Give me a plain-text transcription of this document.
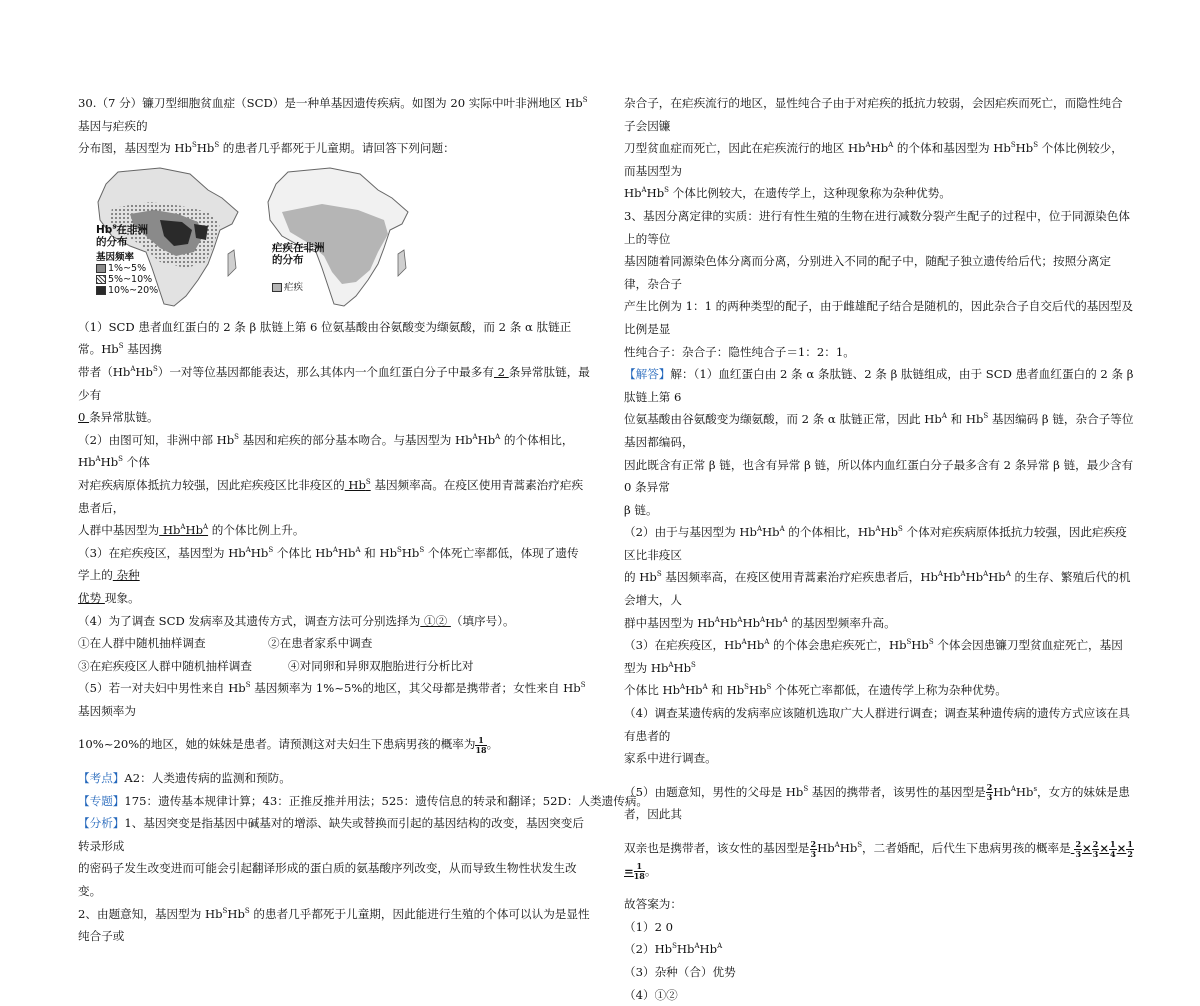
30.（7 分）镰刀型细胞贫血症（SCD）是一种单基因遗传疾病。如图为 20 实际中叶非洲地区 $Hb^S$ 基因与疟疾的

分布图，基因型为 $Hb^SHb^S$ 的患者几乎都死于儿童期。请回答下列问题：

Hb$^s$在非洲
的分布
基因频率
1%~5%
5%~10%
10%~20%
疟疾在非洲
的分布
疟疾

（1）SCD 患者血红蛋白的 2 条 β 肽链上第 6 位氨基酸由谷氨酸变为缬氨酸，而 2 条 α 肽链正常。$Hb^S$ 基因携

带者$(Hb^AHb^S)$一对等位基因都能表达，那么其体内一个血红蛋白分子中最多有 2 条异常肽链，最少有

0 条异常肽链。

（2）由图可知，非洲中部 $Hb^S$ 基因和疟疾的部分基本吻合。与基因型为 $Hb^AHb^A$ 的个体相比，$Hb^AHb^S$ 个体

对疟疾病原体抵抗力较强，因此疟疾疫区比非疫区的 $Hb^S$ 基因频率高。在疫区使用青蒿素治疗疟疾患者后，

人群中基因型为 $Hb^AHb^A$ 的个体比例上升。

（3）在疟疾疫区，基因型为 $Hb^AHb^S$ 个体比 $Hb^AHb^A$ 和 $Hb^SHb^S$ 个体死亡率都低，体现了遗传学上的 杂种

优势 现象。

（4）为了调查 SCD 发病率及其遗传方式，调查方法可分别选择为 ①② （填序号）。

①在人群中随机抽样调查	②在患者家系中调查

③在疟疾疫区人群中随机抽样调查	④对同卵和异卵双胞胎进行分析比对

（5）若一对夫妇中男性来自 $Hb^S$ 基因频率为 1%~5%的地区，其父母都是携带者；女性来自 $Hb^S$ 基因频率为

10%~20%的地区，她的妹妹是患者。请预测这对夫妇生下患病男孩的概率为 $\frac{1}{18}$ 。

【考点】A2：人类遗传病的监测和预防。

【专题】175：遗传基本规律计算；43：正推反推并用法；525：遗传信息的转录和翻译；52D：人类遗传病。

【分析】1、基因突变是指基因中碱基对的增添、缺失或替换而引起的基因结构的改变，基因突变后转录形成

的密码子发生改变进而可能会引起翻译形成的蛋白质的氨基酸序列改变，从而导致生物性状发生改变。

2、由题意知，基因型为 $Hb^SHb^S$ 的患者几乎都死于儿童期，因此能进行生殖的个体可以认为是显性纯合子或

杂合子，在疟疾流行的地区，显性纯合子由于对疟疾的抵抗力较弱，会因疟疾而死亡，而隐性纯合子会因镰

刀型贫血症而死亡，因此在疟疾流行的地区 $Hb^AHb^A$ 的个体和基因型为 $Hb^SHb^S$ 个体比例较少，而基因型为

$Hb^AHb^S$ 个体比例较大，在遗传学上，这种现象称为杂种优势。

3、基因分离定律的实质：进行有性生殖的生物在进行减数分裂产生配子的过程中，位于同源染色体上的等位

基因随着同源染色体分离而分离，分别进入不同的配子中，随配子独立遗传给后代；按照分离定律，杂合子

产生比例为 1：1 的两种类型的配子，由于雌雄配子结合是随机的，因此杂合子自交后代的基因型及比例是显

性纯合子：杂合子：隐性纯合子＝1：2：1。

【解答】解：（1）血红蛋白由 2 条 α 条肽链、2 条 β 肽链组成，由于 SCD 患者血红蛋白的 2 条 β 肽链上第 6

位氨基酸由谷氨酸变为缬氨酸，而 2 条 α 肽链正常，因此 $Hb^A$ 和 $Hb^S$ 基因编码 β 链，杂合子等位基因都编码，

因此既含有正常 β 链，也含有异常 β 链，所以体内血红蛋白分子最多含有 2 条异常 β 链，最少含有 0 条异常

β 链。

（2）由于与基因型为 $Hb^AHb^A$ 的个体相比，$Hb^AHb^S$ 个体对疟疾病原体抵抗力较强，因此疟疾疫区比非疫区

的 $Hb^S$ 基因频率高，在疫区使用青蒿素治疗疟疾患者后，$Hb^AHb^AHb^AHb^A$ 的生存、繁殖后代的机会增大，人

群中基因型为 $Hb^AHb^AHb^AHb^A$ 的基因型频率升高。

（3）在疟疾疫区，$Hb^AHb^A$ 的个体会患疟疾死亡，$Hb^SHb^S$ 个体会因患镰刀型贫血症死亡，基因型为 $Hb^AHb^S$

个体比 $Hb^AHb^A$ 和 $Hb^SHb^S$ 个体死亡率都低，在遗传学上称为杂种优势。

（4）调查某遗传病的发病率应该随机选取广大人群进行调查；调查某种遗传病的遗传方式应该在具有患者的

家系中进行调查。

（5）由题意知，男性的父母是 $Hb^S$ 基因的携带者，该男性的基因型是 $\frac{2}{3} Hb^AHb^s$，女方的妹妹是患者，因此其

双亲也是携带者，该女性的基因型是 $\frac{2}{3} Hb^AHb^S$，二者婚配，后代生下患病男孩的概率是 $\frac{2}{3} \times \frac{2}{3} \times \frac{1}{4} \times \frac{1}{2}$
= $\frac{1}{18}$ 。

故答案为：

（1）2 0

$(2)Hb^SHb^AHb^A$

（3）杂种（合）优势

（4）①②
